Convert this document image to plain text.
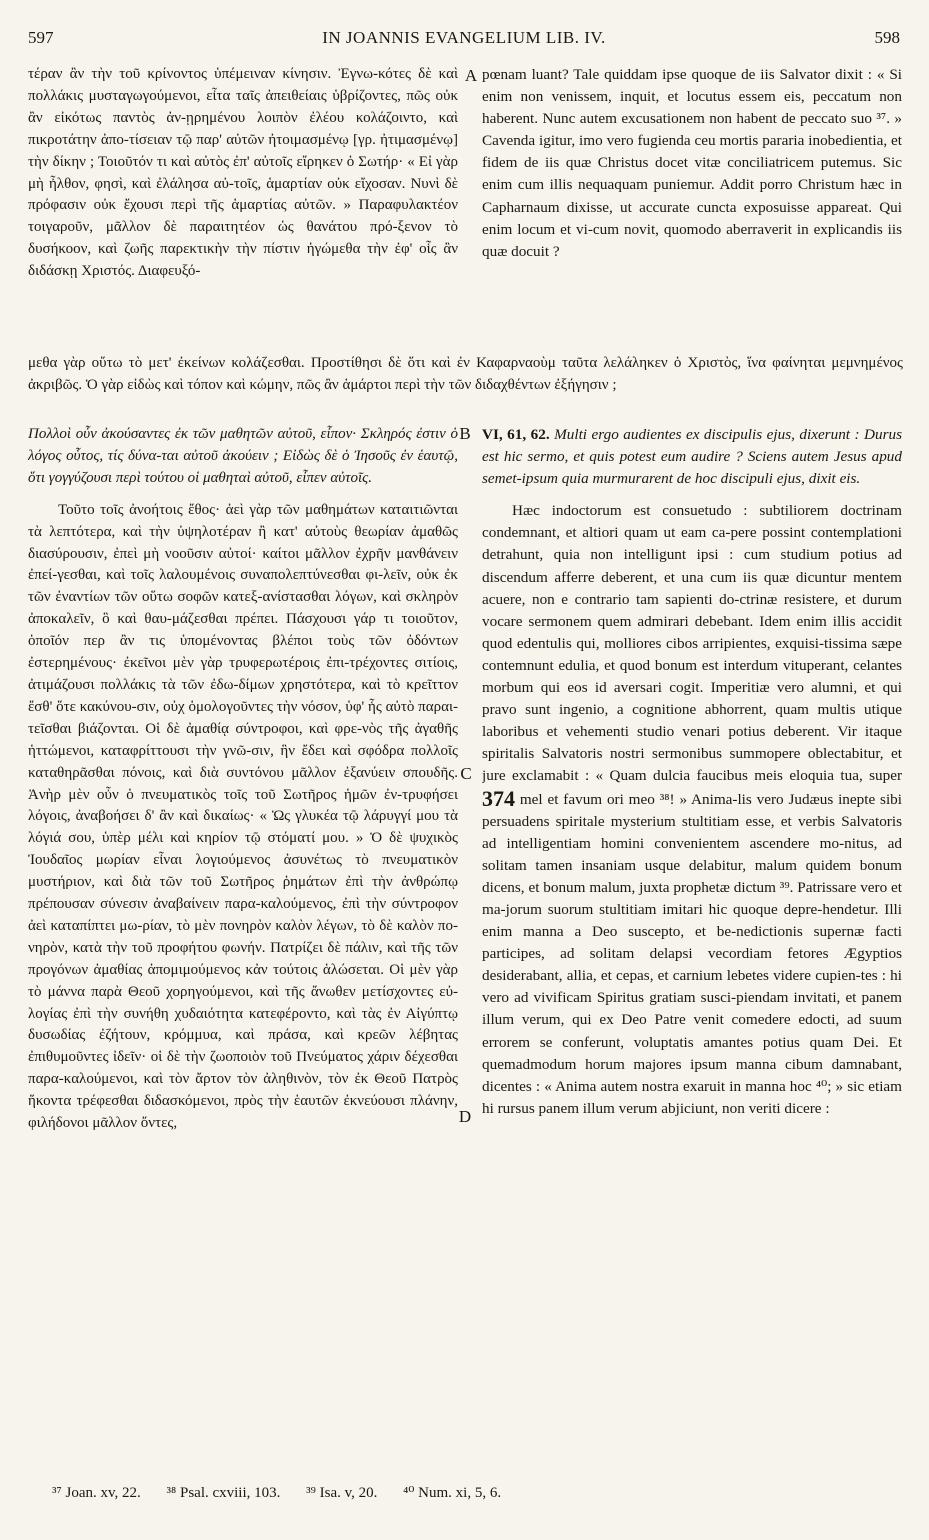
597	IN JOANNIS EVANGELIUM LIB. IV.	598
A
B
C
D

τέραν ἂν τὴν τοῦ κρίνοντος ὑπέμειναν κίνησιν. Ἐγνω-κότες δὲ καὶ πολλάκις μυσταγωγούμενοι, εἶτα ταῖς ἀπειθείαις ὑβρίζοντες, πῶς οὐκ ἂν εἰκότως παντὸς ἀν-ῃρημένου λοιπὸν ἐλέου κολάζοιντο, καὶ πικροτάτην ἀπο-τίσειαν τῷ παρ' αὐτῶν ἠτοιμασμένῳ [γρ. ἠτιμασμένῳ] τὴν δίκην ; Τοιοῦτόν τι καὶ αὐτὸς ἐπ' αὐτοῖς εἴρηκεν ὁ Σωτήρ· « Εἰ γὰρ μὴ ἦλθον, φησὶ, καὶ ἐλάλησα αὐ-τοῖς, ἁμαρτίαν οὐκ εἴχοσαν. Νυνὶ δὲ πρόφασιν οὐκ ἔχουσι περὶ τῆς ἁμαρτίας αὐτῶν. » Παραφυλακτέον τοιγαροῦν, μᾶλλον δὲ παραιτητέον ὡς θανάτου πρό-ξενον τὸ δυσήκοον, καὶ ζωῆς παρεκτικὴν τὴν πίστιν ἡγώμεθα τὴν ἐφ' οἷς ἂν διδάσκῃ Χριστός. Διαφευξό-

pœnam luant? Tale quiddam ipse quoque de iis Salvator dixit : « Si enim non venissem, inquit, et locutus essem eis, peccatum non haberent. Nunc autem excusationem non habent de peccato suo ³⁷. » Cavenda igitur, imo vero fugienda ceu mortis pararia inobedientia, et fidem de iis quæ Christus docet vitæ conciliatricem putemus. Sic enim cum illis nequaquam puniemur. Addit porro Christum hæc in Capharnaum dixisse, ut accurate cuncta exposuisse appareat. Qui enim locum et vi-cum novit, quomodo aberraverit in explicandis iis quæ docuit ?

μεθα γὰρ οὕτω τὸ μετ' ἐκείνων κολάζεσθαι. Προστίθησι δὲ ὅτι καὶ ἐν Καφαρναοὺμ ταῦτα λελάληκεν ὁ Χριστὸς, ἵνα φαίνηται μεμνημένος ἀκριβῶς. Ὁ γὰρ εἰδὼς καὶ τόπον καὶ κώμην, πῶς ἂν ἁμάρτοι περὶ τὴν τῶν διδαχθέντων ἐξήγησιν ;

Πολλοὶ οὖν ἀκούσαντες ἐκ τῶν μαθητῶν αὐτοῦ, εἶπον· Σκληρός ἐστιν ὁ λόγος οὗτος, τίς δύνα-ται αὐτοῦ ἀκούειν ; Εἰδὼς δὲ ὁ Ἰησοῦς ἐν ἑαυτῷ, ὅτι γογγύζουσι περὶ τούτου οἱ μαθηταὶ αὐτοῦ, εἶπεν αὐτοῖς.

Τοῦτο τοῖς ἀνοήτοις ἔθος· ἀεὶ γὰρ τῶν μαθημάτων καταιτιῶνται τὰ λεπτότερα, καὶ τὴν ὑψηλοτέραν ἢ κατ' αὐτοὺς θεωρίαν ἀμαθῶς διασύρουσιν, ἐπεὶ μὴ νοοῦσιν αὐτοί· καίτοι μᾶλλον ἐχρῆν μανθάνειν ἐπεί-γεσθαι, καὶ τοῖς λαλουμένοις συναπολεπτύνεσθαι φι-λεῖν, οὐκ ἐκ τῶν ἐναντίων τῶν οὕτω σοφῶν κατεξ-ανίστασθαι λόγων, καὶ σκληρὸν ἀποκαλεῖν, ὃ καὶ θαυ-μάζεσθαι πρέπει. Πάσχουσι γάρ τι τοιοῦτον, ὁποῖόν περ ἂν τις ὑπομένοντας βλέποι τοὺς τῶν ὀδόντων ἐστερημένους· ἐκεῖνοι μὲν γὰρ τρυφερωτέροις ἐπι-τρέχοντες σιτίοις, ἀτιμάζουσι πολλάκις τὰ τῶν ἐδω-δίμων χρηστότερα, καὶ τὸ κρεῖττον ἔσθ' ὅτε κακύνου-σιν, οὐχ ὁμολογοῦντες τὴν νόσον, ὑφ' ἧς αὐτὸ παραι-τεῖσθαι βιάζονται. Οἱ δὲ ἀμαθίᾳ σύντροφοι, καὶ φρε-νὸς τῆς ἀγαθῆς ἡττώμενοι, καταφρίττουσι τὴν γνῶ-σιν, ἣν ἔδει καὶ σφόδρα πολλοῖς καταθηρᾶσθαι πόνοις, καὶ διὰ συντόνου μᾶλλον ἐξανύειν σπουδῆς. Ἀνὴρ μὲν οὖν ὁ πνευματικὸς τοῖς τοῦ Σωτῆρος ἡμῶν ἐν-τρυφήσει λόγοις, ἀναβοήσει δ' ἂν καὶ δικαίως· « Ὡς γλυκέα τῷ λάρυγγί μου τὰ λόγιά σου, ὑπὲρ μέλι καὶ κηρίον τῷ στόματί μου. » Ὁ δὲ ψυχικὸς Ἰουδαῖος μωρίαν εἶναι λογιούμενος ἀσυνέτως τὸ πνευματικὸν μυστήριον, καὶ διὰ τῶν τοῦ Σωτῆρος ῥημάτων ἐπὶ τὴν ἀνθρώπῳ πρέπουσαν σύνεσιν ἀναβαίνειν παρα-καλούμενος, ἐπὶ τὴν σύντροφον ἀεὶ καταπίπτει μω-ρίαν, τὸ μὲν πονηρὸν καλὸν λέγων, τὸ δὲ καλὸν πο-νηρὸν, κατὰ τὴν τοῦ προφήτου φωνήν. Πατρίζει δὲ πάλιν, καὶ τῆς τῶν προγόνων ἀμαθίας ἀπομιμούμενος κἀν τούτοις ἁλώσεται. Οἱ μὲν γὰρ τὸ μάννα παρὰ Θεοῦ χορηγούμενοι, καὶ τῆς ἄνωθεν μετίσχοντες εὐ-λογίας ἐπὶ τὴν συνήθη χυδαιότητα κατεφέροντο, καὶ τὰς ἐν Αἰγύπτῳ δυσωδίας ἐζήτουν, κρόμμυα, καὶ πράσα, καὶ κρεῶν λέβητας ἐπιθυμοῦντες ἰδεῖν· οἱ δὲ τὴν ζωοποιὸν τοῦ Πνεύματος χάριν δέχεσθαι παρα-καλούμενοι, καὶ τὸν ἄρτον τὸν ἀληθινὸν, τὸν ἐκ Θεοῦ Πατρὸς ἥκοντα τρέφεσθαι διδασκόμενοι, πρὸς τὴν ἑαυτῶν ἐκνεύουσι πλάνην, φιλήδονοι μᾶλλον ὄντες,

VI, 61, 62. Multi ergo audientes ex discipulis ejus, dixerunt : Durus est hic sermo, et quis potest eum audire ? Sciens autem Jesus apud semet-ipsum quia murmurarent de hoc discipuli ejus, dixit eis.

Hæc indoctorum est consuetudo : subtiliorem doctrinam condemnant, et altiori quam ut eam ca-pere possint contemplationi detrahunt, quia non intelligunt ipsi : cum studium potius ad discendum afferre deberent, et una cum iis quæ dicuntur mentem acuere, non e contrario tam sapienti do-ctrinæ resistere, et durum vocare sermonem quem admirari debebant. Idem enim illis accidit quod edentulis qui, molliores cibos arripientes, exquisi-tissima sæpe contemnunt edulia, et quod bonum est interdum vituperant, celantes morbum qui eos id aversari cogit. Imperitiæ vero alumni, et qui pravo sunt ingenio, a cognitione abhorrent, quam multis utique laboribus et vehementi studio venari potius deberent. Vir itaque spiritalis Salvatoris nostri sermonibus summopere oblectabitur, et jure exclamabit : « Quam dulcia faucibus meis eloquia tua, super 374 mel et favum ori meo ³⁸! » Anima-lis vero Judæus inepte sibi persuadens spiritale mysterium stultitiam esse, et verbis Salvatoris ad intelligentiam homini convenientem ascendere mo-nitus, ad solitam tamen insaniam usque delabitur, malum quidem bonum dicens, et bonum malum, juxta prophetæ dictum ³⁹. Patrissare vero et ma-jorum suorum stultitiam imitari hic quoque depre-hendetur. Illi enim manna a Deo suscepto, et be-nedictionis supernæ facti participes, ad solitam delapsi vecordiam fetores Ægyptios desiderabant, allia, et cepas, et carnium lebetes videre cupien-tes : hi vero ad vivificam Spiritus gratiam susci-piendam invitati, et panem illum verum, qui ex Deo Patre venit comedere edocti, ad suum errorem se conferunt, voluptatis amantes potius quam Dei. Et quemadmodum horum majores ipsum manna cibum damnabant, dicentes : « Anima autem nostra exaruit in manna hoc ⁴⁰; » sic etiam hi rursus panem illum verum abjiciunt, non veriti dicere :

³⁷ Joan. xv, 22. ³⁸ Psal. cxviii, 103. ³⁹ Isa. v, 20. ⁴⁰ Num. xi, 5, 6.
